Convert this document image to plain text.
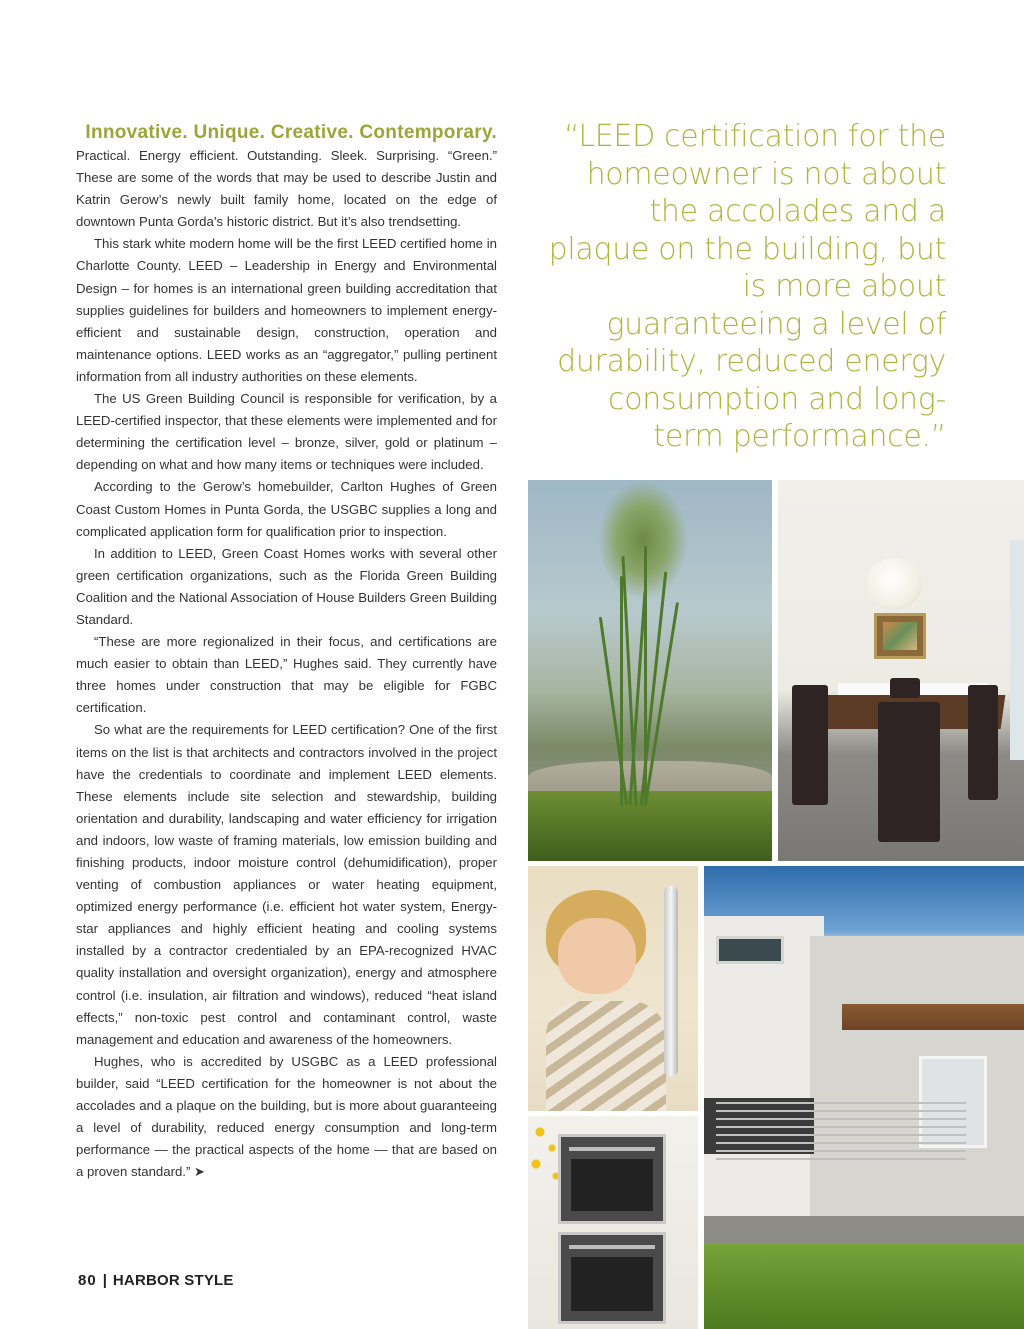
Innovative. Unique. Creative. Contemporary.

Practical. Energy efficient. Outstanding. Sleek. Surprising. “Green.” These are some of the words that may be used to describe Justin and Katrin Gerow’s newly built family home, located on the edge of downtown Punta Gorda’s historic district. But it’s also trendsetting.

This stark white modern home will be the first LEED certified home in Charlotte County. LEED – Leadership in Energy and Environmental Design – for homes is an international green building accreditation that supplies guidelines for builders and homeowners to implement energy-efficient and sustainable design, construction, operation and maintenance options. LEED works as an “aggregator,” pulling pertinent information from all industry authorities on these elements.

The US Green Building Council is responsible for verification, by a LEED-certified inspector, that these elements were implemented and for determining the certification level – bronze, silver, gold or platinum – depending on what and how many items or techniques were included.

According to the Gerow’s homebuilder, Carlton Hughes of Green Coast Custom Homes in Punta Gorda, the USGBC supplies a long and complicated application form for qualification prior to inspection.

In addition to LEED, Green Coast Homes works with several other green certification organizations, such as the Florida Green Building Coalition and the National Association of House Builders Green Building Standard.

“These are more regionalized in their focus, and certifications are much easier to obtain than LEED,” Hughes said. They currently have three homes under construction that may be eligible for FGBC certification.

So what are the requirements for LEED certification? One of the first items on the list is that architects and contractors involved in the project have the credentials to coordinate and implement LEED elements. These elements include site selection and stewardship, building orientation and durability, landscaping and water efficiency for irrigation and indoors, low waste of framing materials, low emission building and finishing products, indoor moisture control (dehumidification), proper venting of combustion appliances or water heating equipment, optimized energy performance (i.e. efficient hot water system, Energy-star appliances and highly efficient heating and cooling systems installed by a contractor credentialed by an EPA-recognized HVAC quality installation and oversight organization), energy and atmosphere control (i.e. insulation, air filtration and windows), reduced “heat island effects,” non-toxic pest control and contaminant control, waste management and education and awareness of the homeowners.

Hughes, who is accredited by USGBC as a LEED professional builder, said “LEED certification for the homeowner is not about the accolades and a plaque on the building, but is more about guaranteeing a level of durability, reduced energy consumption and long-term performance — the practical aspects of the home — that are based on a proven standard.” ➤

“LEED certification for the homeowner is not about the accolades and a plaque on the building, but is more about guaranteeing a level of durability, reduced energy consumption and long-term performance.”
80 | HARBOR STYLE
